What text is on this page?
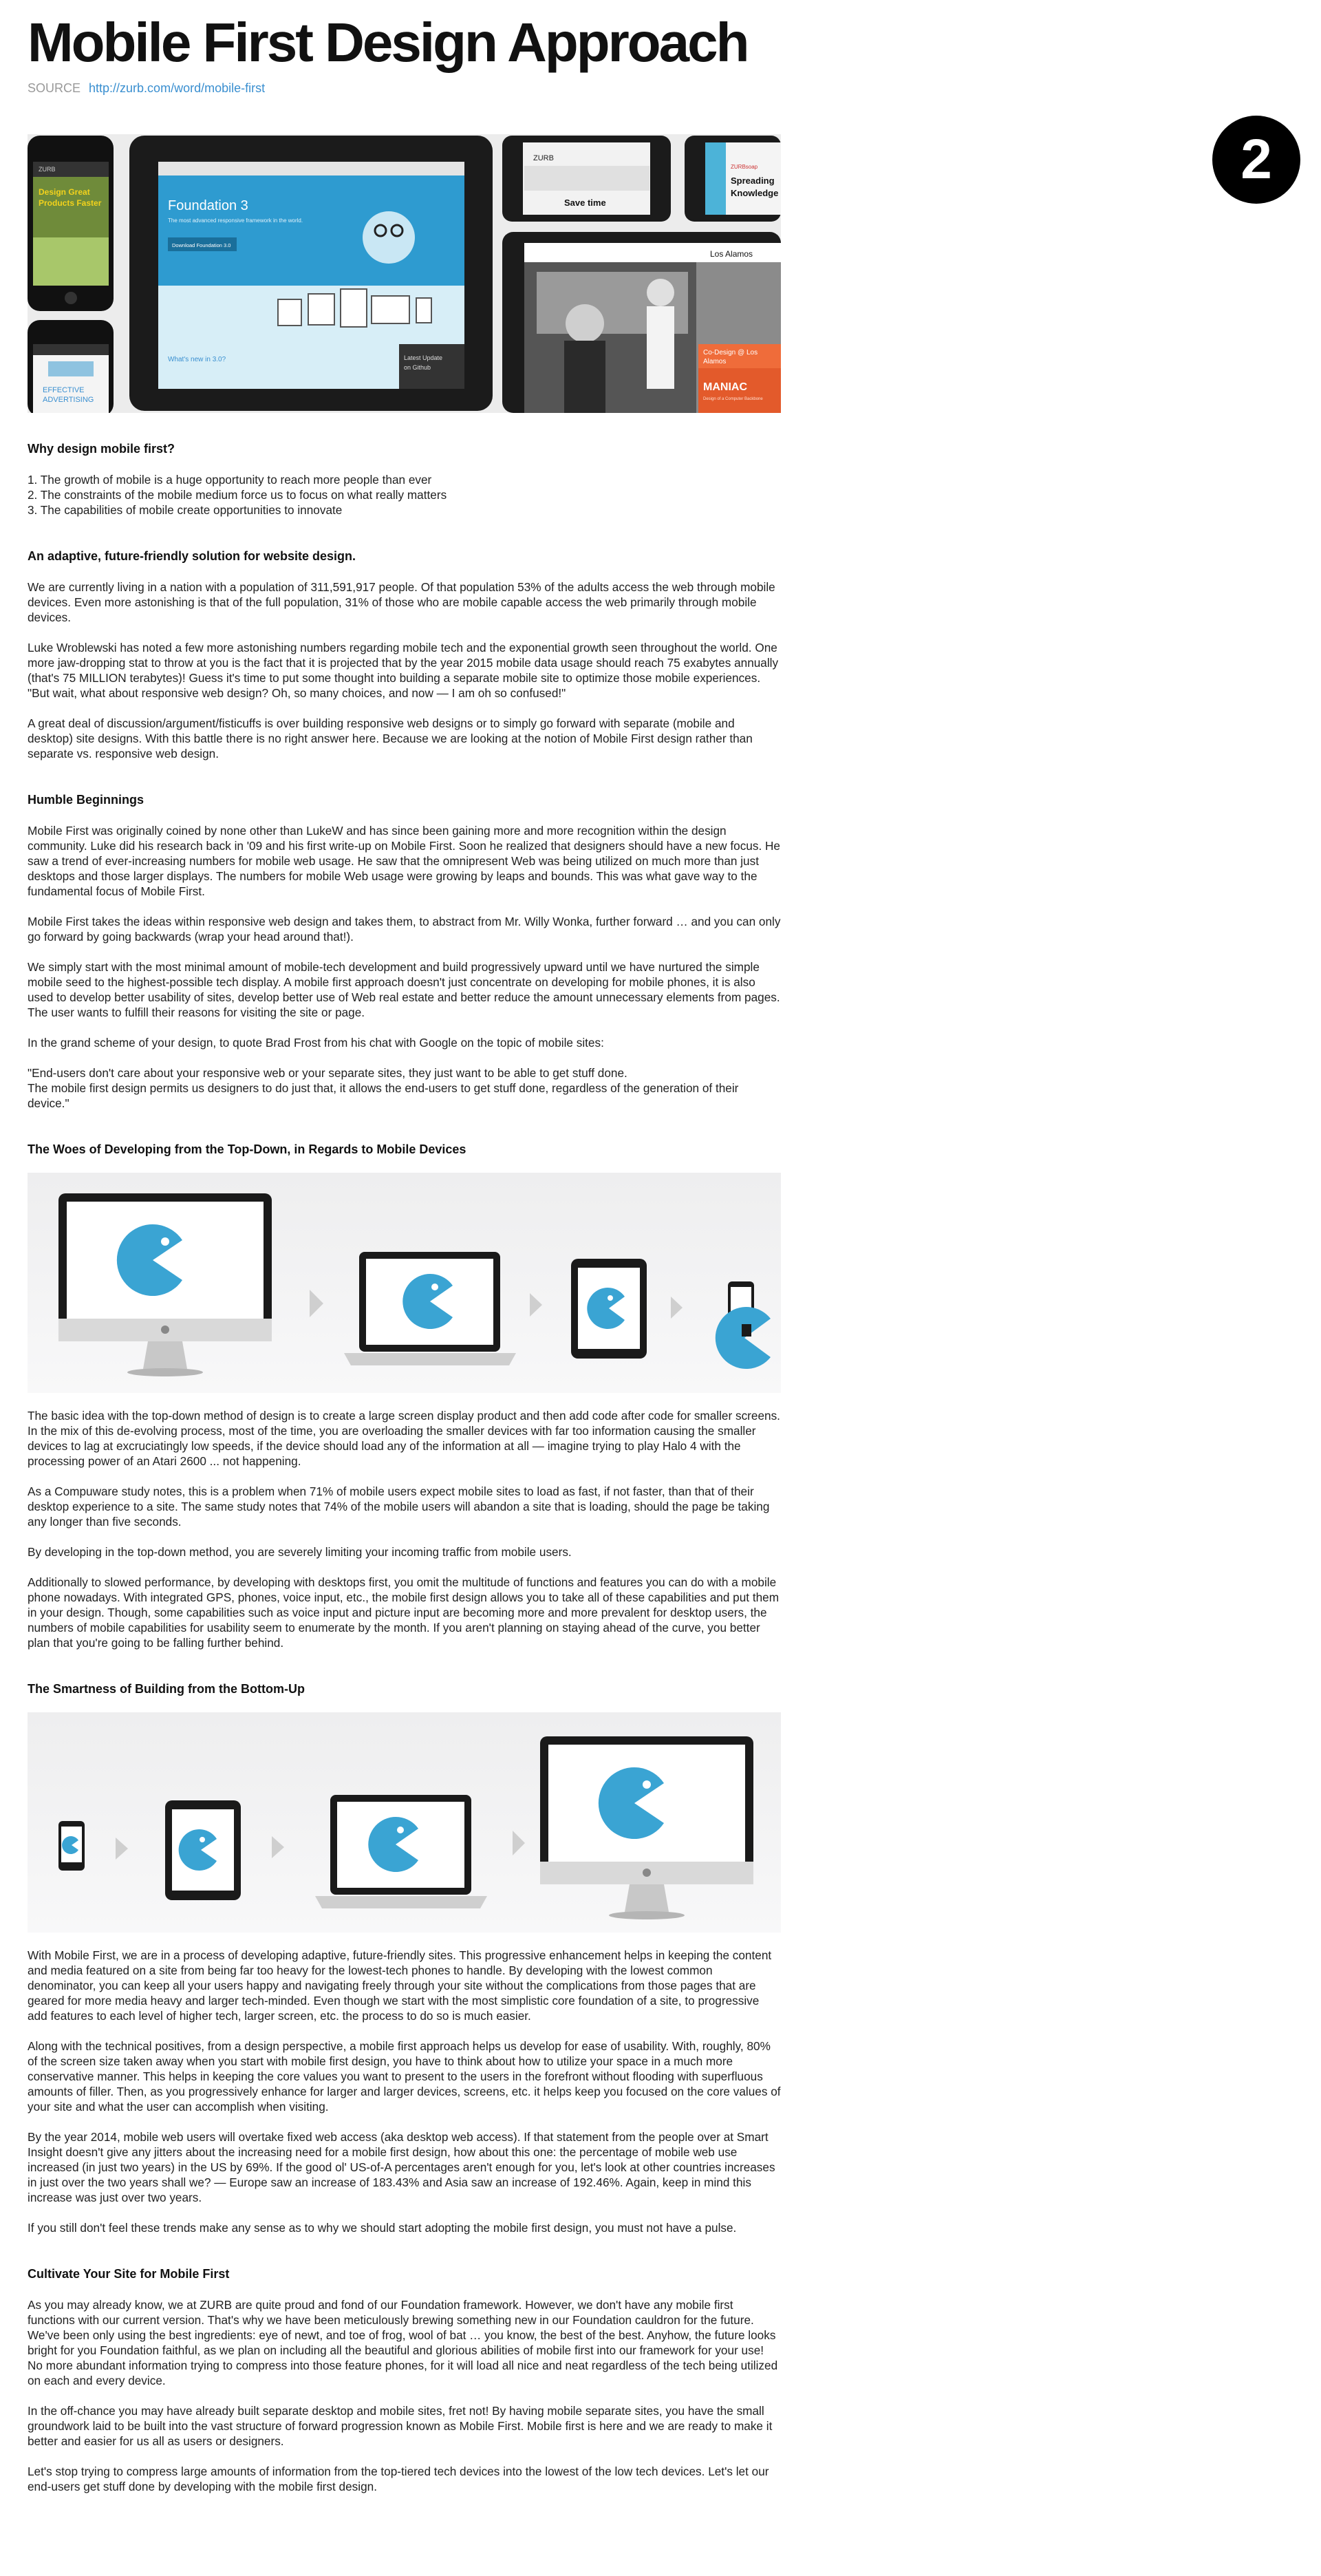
Mobile First Design Approach
SOURCE http://zurb.com/word/mobile-first
2
ZURB
Design Great
Products Faster
EFFECTIVE
ADVERTISING
Foundation 3
The most advanced responsive framework in the world.
Download Foundation 3.0
What's new in 3.0?	Latest Update
on Github
ZURB
Save time
ZURBsoap
Spreading
Knowledge
Los Alamos
Co-Design @ Los
Alamos
MANIAC
Design of a Computer Backbone
Why design mobile first?
1. The growth of mobile is a huge opportunity to reach more people than ever
2. The constraints of the mobile medium force us to focus on what really matters
3. The capabilities of mobile create opportunities to innovate
An adaptive, future-friendly solution for website design.

We are currently living in a nation with a population of 311,591,917 people. Of that population 53% of the adults access the web through mobile devices. Even more astonishing is that of the full population, 31% of those who are mobile capable access the web primarily through mobile devices.

Luke Wroblewski has noted a few more astonishing numbers regarding mobile tech and the exponential growth seen throughout the world. One more jaw-dropping stat to throw at you is the fact that it is projected that by the year 2015 mobile data usage should reach 75 exabytes annually (that's 75 MILLION terabytes)! Guess it's time to put some thought into building a separate mobile site to optimize those mobile experiences. "But wait, what about responsive web design? Oh, so many choices, and now — I am oh so confused!"

A great deal of discussion/argument/fisticuffs is over building responsive web designs or to simply go forward with separate (mobile and desktop) site designs. With this battle there is no right answer here. Because we are looking at the notion of Mobile First design rather than separate vs. responsive web design.

Humble Beginnings

Mobile First was originally coined by none other than LukeW and has since been gaining more and more recognition within the design community. Luke did his research back in '09 and his first write-up on Mobile First. Soon he realized that designers should have a new focus. He saw a trend of ever-increasing numbers for mobile web usage. He saw that the omnipresent Web was being utilized on much more than just desktops and those larger displays. The numbers for mobile Web usage were growing by leaps and bounds. This was what gave way to the fundamental focus of Mobile First.

Mobile First takes the ideas within responsive web design and takes them, to abstract from Mr. Willy Wonka, further forward … and you can only go forward by going backwards (wrap your head around that!).

We simply start with the most minimal amount of mobile-tech development and build progressively upward until we have nurtured the simple mobile seed to the highest-possible tech display. A mobile first approach doesn't just concentrate on developing for mobile phones, it is also used to develop better usability of sites, develop better use of Web real estate and better reduce the amount unnecessary elements from pages. The user wants to fulfill their reasons for visiting the site or page.

In the grand scheme of your design, to quote Brad Frost from his chat with Google on the topic of mobile sites:

"End-users don't care about your responsive web or your separate sites, they just want to be able to get stuff done.

The mobile first design permits us designers to do just that, it allows the end-users to get stuff done, regardless of the generation of their device."

The Woes of Developing from the Top-Down, in Regards to Mobile Devices

The basic idea with the top-down method of design is to create a large screen display product and then add code after code for smaller screens. In the mix of this de-evolving process, most of the time, you are overloading the smaller devices with far too information causing the smaller devices to lag at excruciatingly low speeds, if the device should load any of the information at all — imagine trying to play Halo 4 with the processing power of an Atari 2600 ... not happening.

As a Compuware study notes, this is a problem when 71% of mobile users expect mobile sites to load as fast, if not faster, than that of their desktop experience to a site. The same study notes that 74% of the mobile users will abandon a site that is loading, should the page be taking any longer than five seconds.

By developing in the top-down method, you are severely limiting your incoming traffic from mobile users.

Additionally to slowed performance, by developing with desktops first, you omit the multitude of functions and features you can do with a mobile phone nowadays. With integrated GPS, phones, voice input, etc., the mobile first design allows you to take all of these capabilities and put them in your design. Though, some capabilities such as voice input and picture input are becoming more and more prevalent for desktop users, the numbers of mobile capabilities for usability seem to enumerate by the month. If you aren't planning on staying ahead of the curve, you better plan that you're going to be falling further behind.

The Smartness of Building from the Bottom-Up

With Mobile First, we are in a process of developing adaptive, future-friendly sites. This progressive enhancement helps in keeping the content and media featured on a site from being far too heavy for the lowest-tech phones to handle. By developing with the lowest common denominator, you can keep all your users happy and navigating freely through your site without the complications from those pages that are geared for more media heavy and larger tech-minded. Even though we start with the most simplistic core foundation of a site, to progressive add features to each level of higher tech, larger screen, etc. the process to do so is much easier.

Along with the technical positives, from a design perspective, a mobile first approach helps us develop for ease of usability. With, roughly, 80% of the screen size taken away when you start with mobile first design, you have to think about how to utilize your space in a much more conservative manner. This helps in keeping the core values you want to present to the users in the forefront without flooding with superfluous amounts of filler. Then, as you progressively enhance for larger and larger devices, screens, etc. it helps keep you focused on the core values of your site and what the user can accomplish when visiting.

By the year 2014, mobile web users will overtake fixed web access (aka desktop web access). If that statement from the people over at Smart Insight doesn't give any jitters about the increasing need for a mobile first design, how about this one: the percentage of mobile web use increased (in just two years) in the US by 69%. If the good ol' US-of-A percentages aren't enough for you, let's look at other countries increases in just over the two years shall we? — Europe saw an increase of 183.43% and Asia saw an increase of 192.46%. Again, keep in mind this increase was just over two years.

If you still don't feel these trends make any sense as to why we should start adopting the mobile first design, you must not have a pulse.

Cultivate Your Site for Mobile First

As you may already know, we at ZURB are quite proud and fond of our Foundation framework. However, we don't have any mobile first functions with our current version. That's why we have been meticulously brewing something new in our Foundation cauldron for the future. We've been only using the best ingredients: eye of newt, and toe of frog, wool of bat … you know, the best of the best. Anyhow, the future looks bright for you Foundation faithful, as we plan on including all the beautiful and glorious abilities of mobile first into our framework for your use! No more abundant information trying to compress into those feature phones, for it will load all nice and neat regardless of the tech being utilized on each and every device.

In the off-chance you may have already built separate desktop and mobile sites, fret not! By having mobile separate sites, you have the small groundwork laid to be built into the vast structure of forward progression known as Mobile First. Mobile first is here and we are ready to make it better and easier for us all as users or designers.

Let's stop trying to compress large amounts of information from the top-tiered tech devices into the lowest of the low tech devices. Let's let our end-users get stuff done by developing with the mobile first design.
